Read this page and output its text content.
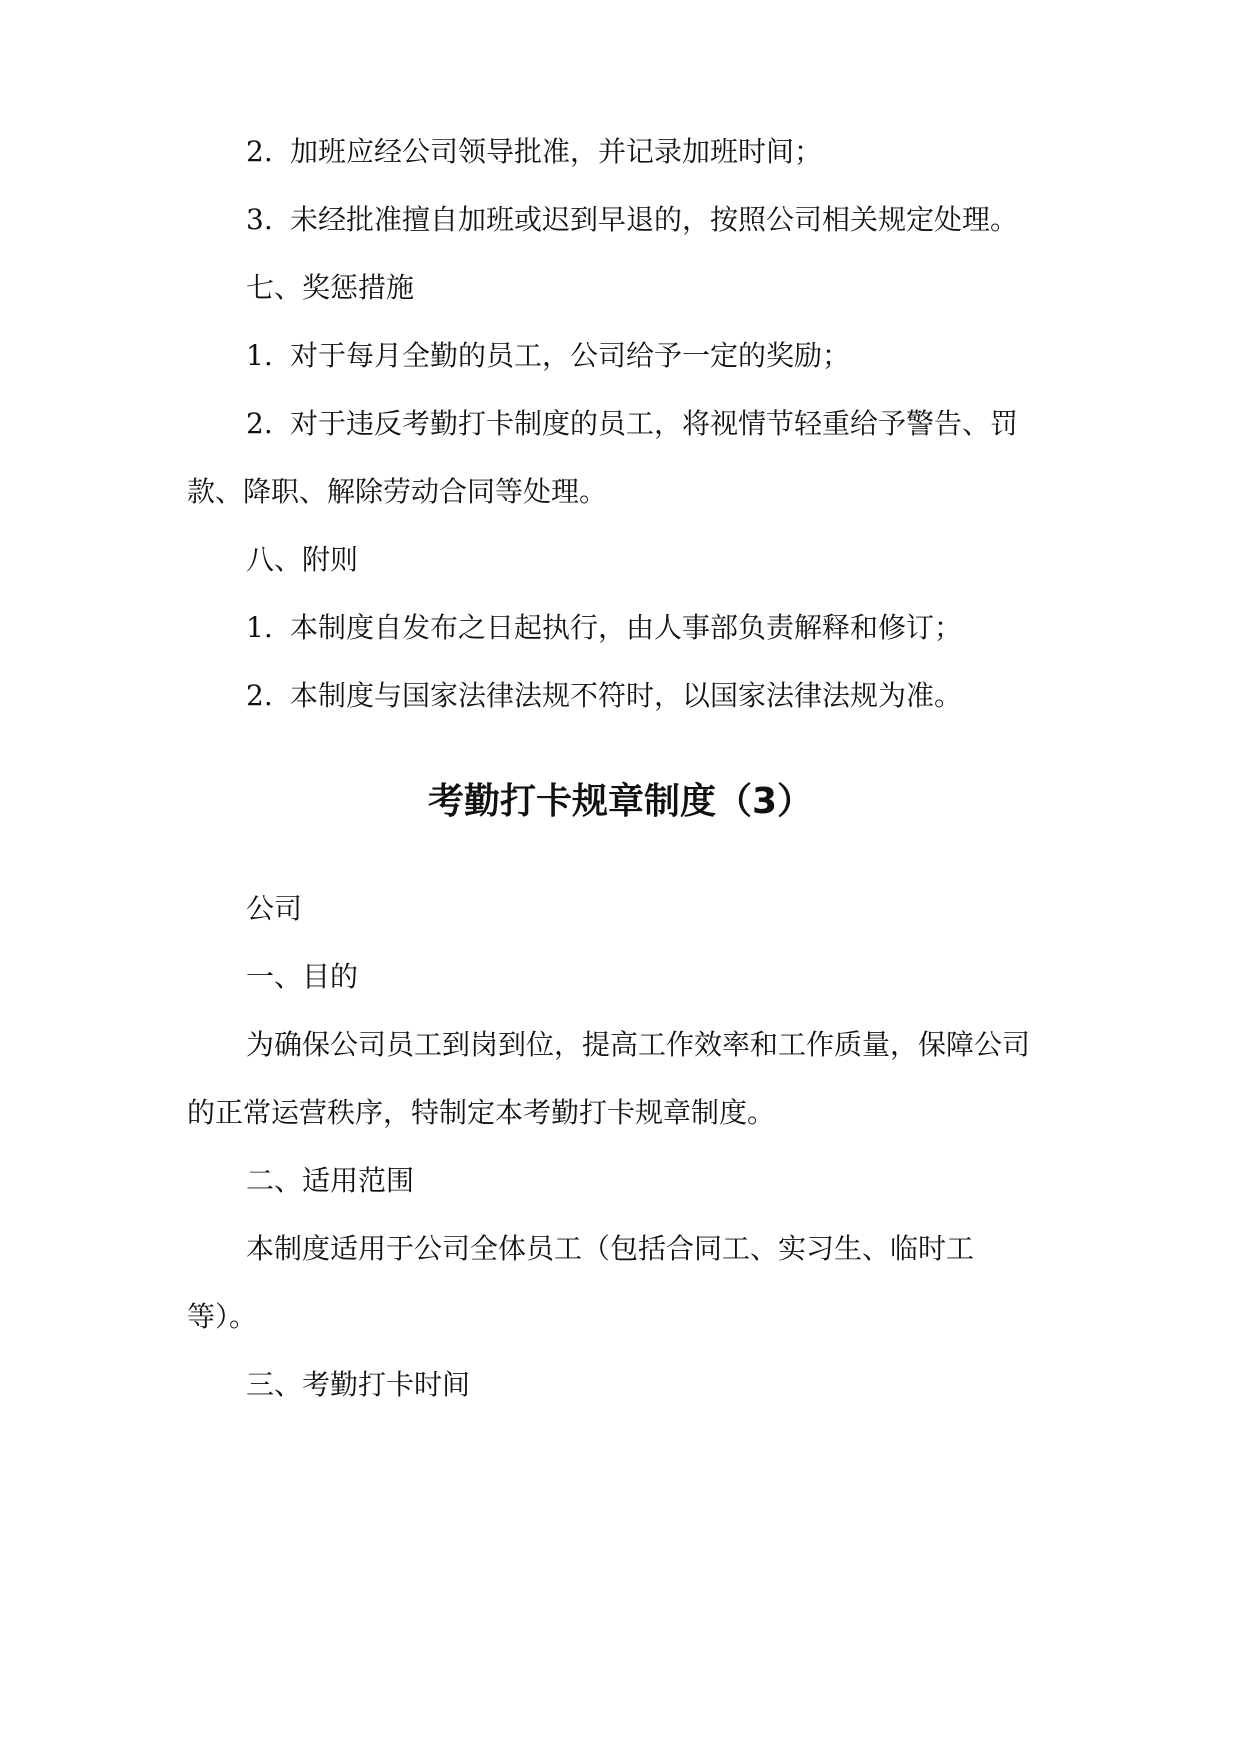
2. 加班应经公司领导批准，并记录加班时间；
3. 未经批准擅自加班或迟到早退的，按照公司相关规定处理。
七、奖惩措施
1. 对于每月全勤的员工，公司给予一定的奖励；
2. 对于违反考勤打卡制度的员工，将视情节轻重给予警告、罚
款、降职、解除劳动合同等处理。
八、附则
1. 本制度自发布之日起执行，由人事部负责解释和修订；
2. 本制度与国家法律法规不符时，以国家法律法规为准。
考勤打卡规章制度（3）
公司
一、目的
为确保公司员工到岗到位，提高工作效率和工作质量，保障公司
的正常运营秩序，特制定本考勤打卡规章制度。
二、适用范围
本制度适用于公司全体员工（包括合同工、实习生、临时工
等）。
三、考勤打卡时间
